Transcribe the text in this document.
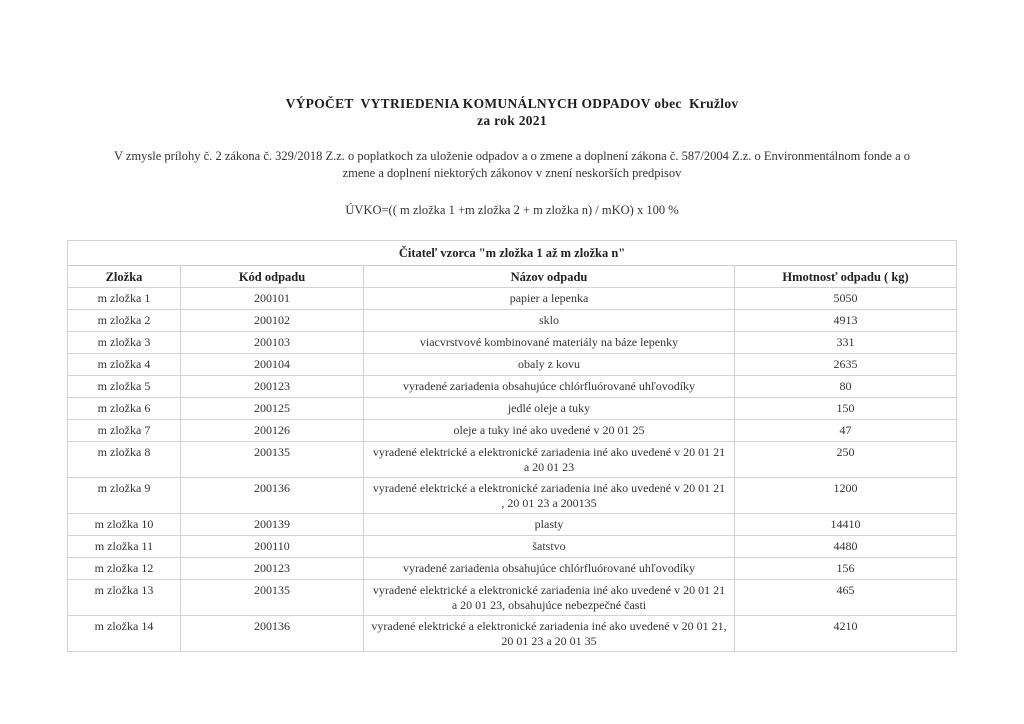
VÝPOČET  VYTRIEDENIA KOMUNÁLNYCH ODPADOV obec  Kružlov
za rok 2021
V zmysle prílohy č. 2 zákona č. 329/2018 Z.z. o poplatkoch za uloženie odpadov a o zmene a doplnení zákona č. 587/2004 Z.z. o Environmentálnom fonde a o
zmene a doplnení niektorých zákonov v znení neskorších predpisov
ÚVKO=(( m zložka 1 +m zložka 2 + m zložka n) / mKO) x 100 %
Čitateľ vzorca "m zložka 1 až m zložka n"			
Zložka	Kód odpadu	Názov odpadu	Hmotnosť odpadu ( kg)
m zložka 1	200101	papier a lepenka	5050
m zložka 2	200102	sklo	4913
m zložka 3	200103	viacvrstvové kombinované materiály na báze lepenky	331
m zložka 4	200104	obaly z kovu	2635
m zložka 5	200123	vyradené zariadenia obsahujúce chlórfluórované uhľovodíky	80
m zložka 6	200125	jedlé oleje a tuky	150
m zložka 7	200126	oleje a tuky iné ako uvedené v 20 01 25	47
m zložka 8	200135	vyradené elektrické a elektronické zariadenia iné ako uvedené v 20 01 21 a 20 01 23	250
m zložka 9	200136	vyradené elektrické a elektronické zariadenia iné ako uvedené v 20 01 21 , 20 01 23 a 200135	1200
m zložka 10	200139	plasty	14410
m zložka 11	200110	šatstvo	4480
m zložka 12	200123	vyradené zariadenia obsahujúce chlórfluórované uhľovodíky	156
m zložka 13	200135	vyradené elektrické a elektronické zariadenia iné ako uvedené v 20 01 21 a 20 01 23, obsahujúce nebezpečné časti	465
m zložka 14	200136	vyradené elektrické a elektronické zariadenia iné ako uvedené v 20 01 21, 20 01 23 a 20 01 35	4210
